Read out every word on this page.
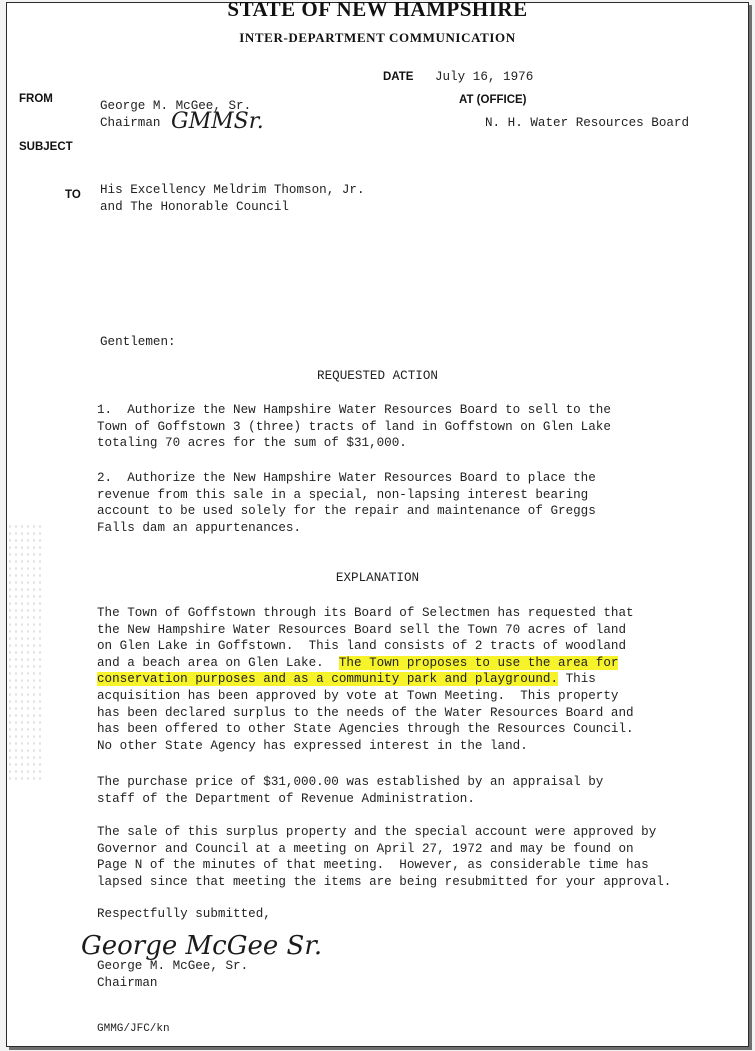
STATE OF NEW HAMPSHIRE
INTER-DEPARTMENT COMMUNICATION
DATE July 16, 1976
FROM	George M. McGee, Sr.
Chairman GMMSr.
AT (OFFICE)
N. H. Water Resources Board
SUBJECT
TO His Excellency Meldrim Thomson, Jr.
and The Honorable Council
Gentlemen:
REQUESTED ACTION
1.  Authorize the New Hampshire Water Resources Board to sell to the
Town of Goffstown 3 (three) tracts of land in Goffstown on Glen Lake
totaling 70 acres for the sum of $31,000.
2.  Authorize the New Hampshire Water Resources Board to place the
revenue from this sale in a special, non-lapsing interest bearing
account to be used solely for the repair and maintenance of Greggs
Falls dam an appurtenances.
EXPLANATION
The Town of Goffstown through its Board of Selectmen has requested that
the New Hampshire Water Resources Board sell the Town 70 acres of land
on Glen Lake in Goffstown.  This land consists of 2 tracts of woodland
and a beach area on Glen Lake.  The Town proposes to use the area for
conservation purposes and as a community park and playground. This
acquisition has been approved by vote at Town Meeting.  This property
has been declared surplus to the needs of the Water Resources Board and
has been offered to other State Agencies through the Resources Council.
No other State Agency has expressed interest in the land.
The purchase price of $31,000.00 was established by an appraisal by
staff of the Department of Revenue Administration.
The sale of this surplus property and the special account were approved by
Governor and Council at a meeting on April 27, 1972 and may be found on
Page N of the minutes of that meeting.  However, as considerable time has
lapsed since that meeting the items are being resubmitted for your approval.
Respectfully submitted,
George McGee Sr.
George M. McGee, Sr.
Chairman
GMMG/JFC/kn
